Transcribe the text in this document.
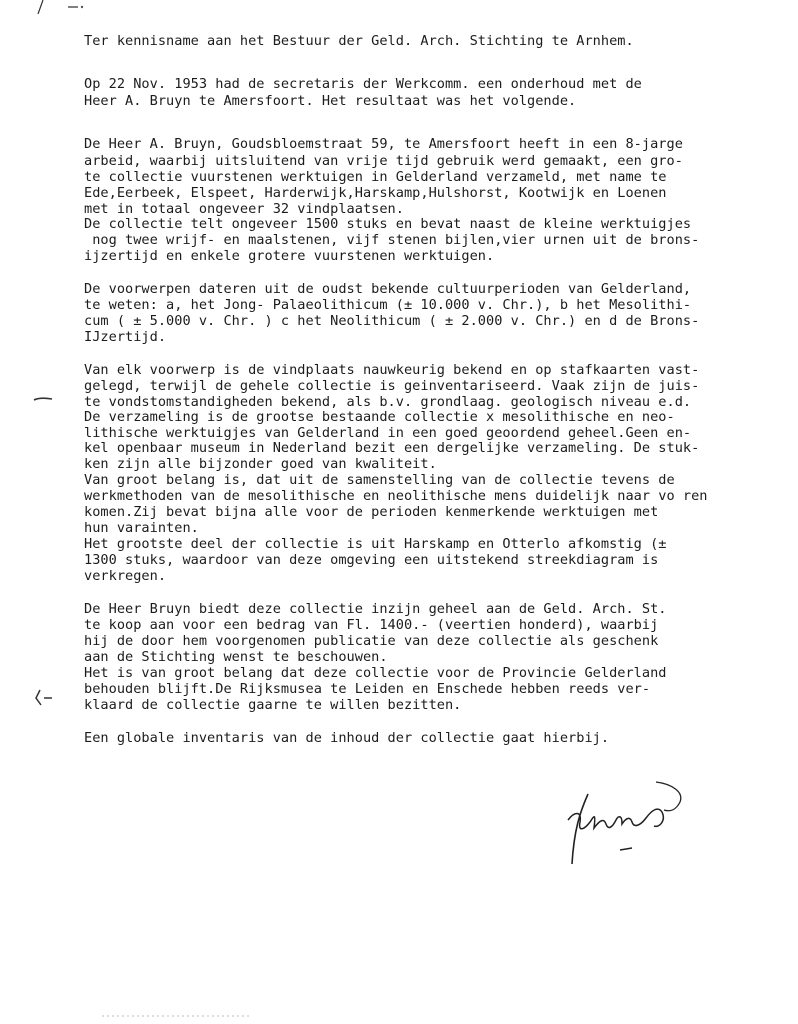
Ter kennisname aan het Bestuur der Geld. Arch. Stichting te Arnhem.
Op 22 Nov. 1953 had de secretaris der Werkcomm. een onderhoud met de
Heer A. Bruyn te Amersfoort. Het resultaat was het volgende.
De Heer A. Bruyn, Goudsbloemstraat 59, te Amersfoort heeft in een 8-jarge
arbeid, waarbij uitsluitend van vrije tijd gebruik werd gemaakt, een gro-
te collectie vuurstenen werktuigen in Gelderland verzameld, met name te
Ede,Eerbeek, Elspeet, Harderwijk,Harskamp,Hulshorst, Kootwijk en Loenen
met in totaal ongeveer 32 vindplaatsen.
De collectie telt ongeveer 1500 stuks en bevat naast de kleine werktuigjes
nog twee wrijf- en maalstenen, vijf stenen bijlen,vier urnen uit de brons-
ijzertijd en enkele grotere vuurstenen werktuigen.
De voorwerpen dateren uit de oudst bekende cultuurperioden van Gelderland,
te weten: a, het Jong- Palaeolithicum (± 10.000 v. Chr.), b het Mesolithi-
cum ( ± 5.000 v. Chr. ) c het Neolithicum ( ± 2.000 v. Chr.) en d de Brons-
IJzertijd.
Van elk voorwerp is de vindplaats nauwkeurig bekend en op stafkaarten vast-
gelegd, terwijl de gehele collectie is geinventariseerd. Vaak zijn de juis-
te vondstomstandigheden bekend, als b.v. grondlaag. geologisch niveau e.d.
De verzameling is de grootse bestaande collectie x mesolithische en neo-
lithische werktuigjes van Gelderland in een goed geoordend geheel.Geen en-
kel openbaar museum in Nederland bezit een dergelijke verzameling. De stuk-
ken zijn alle bijzonder goed van kwaliteit.
Van groot belang is, dat uit de samenstelling van de collectie tevens de
werkmethoden van de mesolithische en neolithische mens duidelijk naar vo ren
komen.Zij bevat bijna alle voor de perioden kenmerkende werktuigen met
hun varainten.
Het grootste deel der collectie is uit Harskamp en Otterlo afkomstig (±
1300 stuks, waardoor van deze omgeving een uitstekend streekdiagram is
verkregen.
De Heer Bruyn biedt deze collectie inzijn geheel aan de Geld. Arch. St.
te koop aan voor een bedrag van Fl. 1400.- (veertien honderd), waarbij
hij de door hem voorgenomen publicatie van deze collectie als geschenk
aan de Stichting wenst te beschouwen.
Het is van groot belang dat deze collectie voor de Provincie Gelderland
behouden blijft.De Rijksmusea te Leiden en Enschede hebben reeds ver-
klaard de collectie gaarne te willen bezitten.
Een globale inventaris van de inhoud der collectie gaat hierbij.
